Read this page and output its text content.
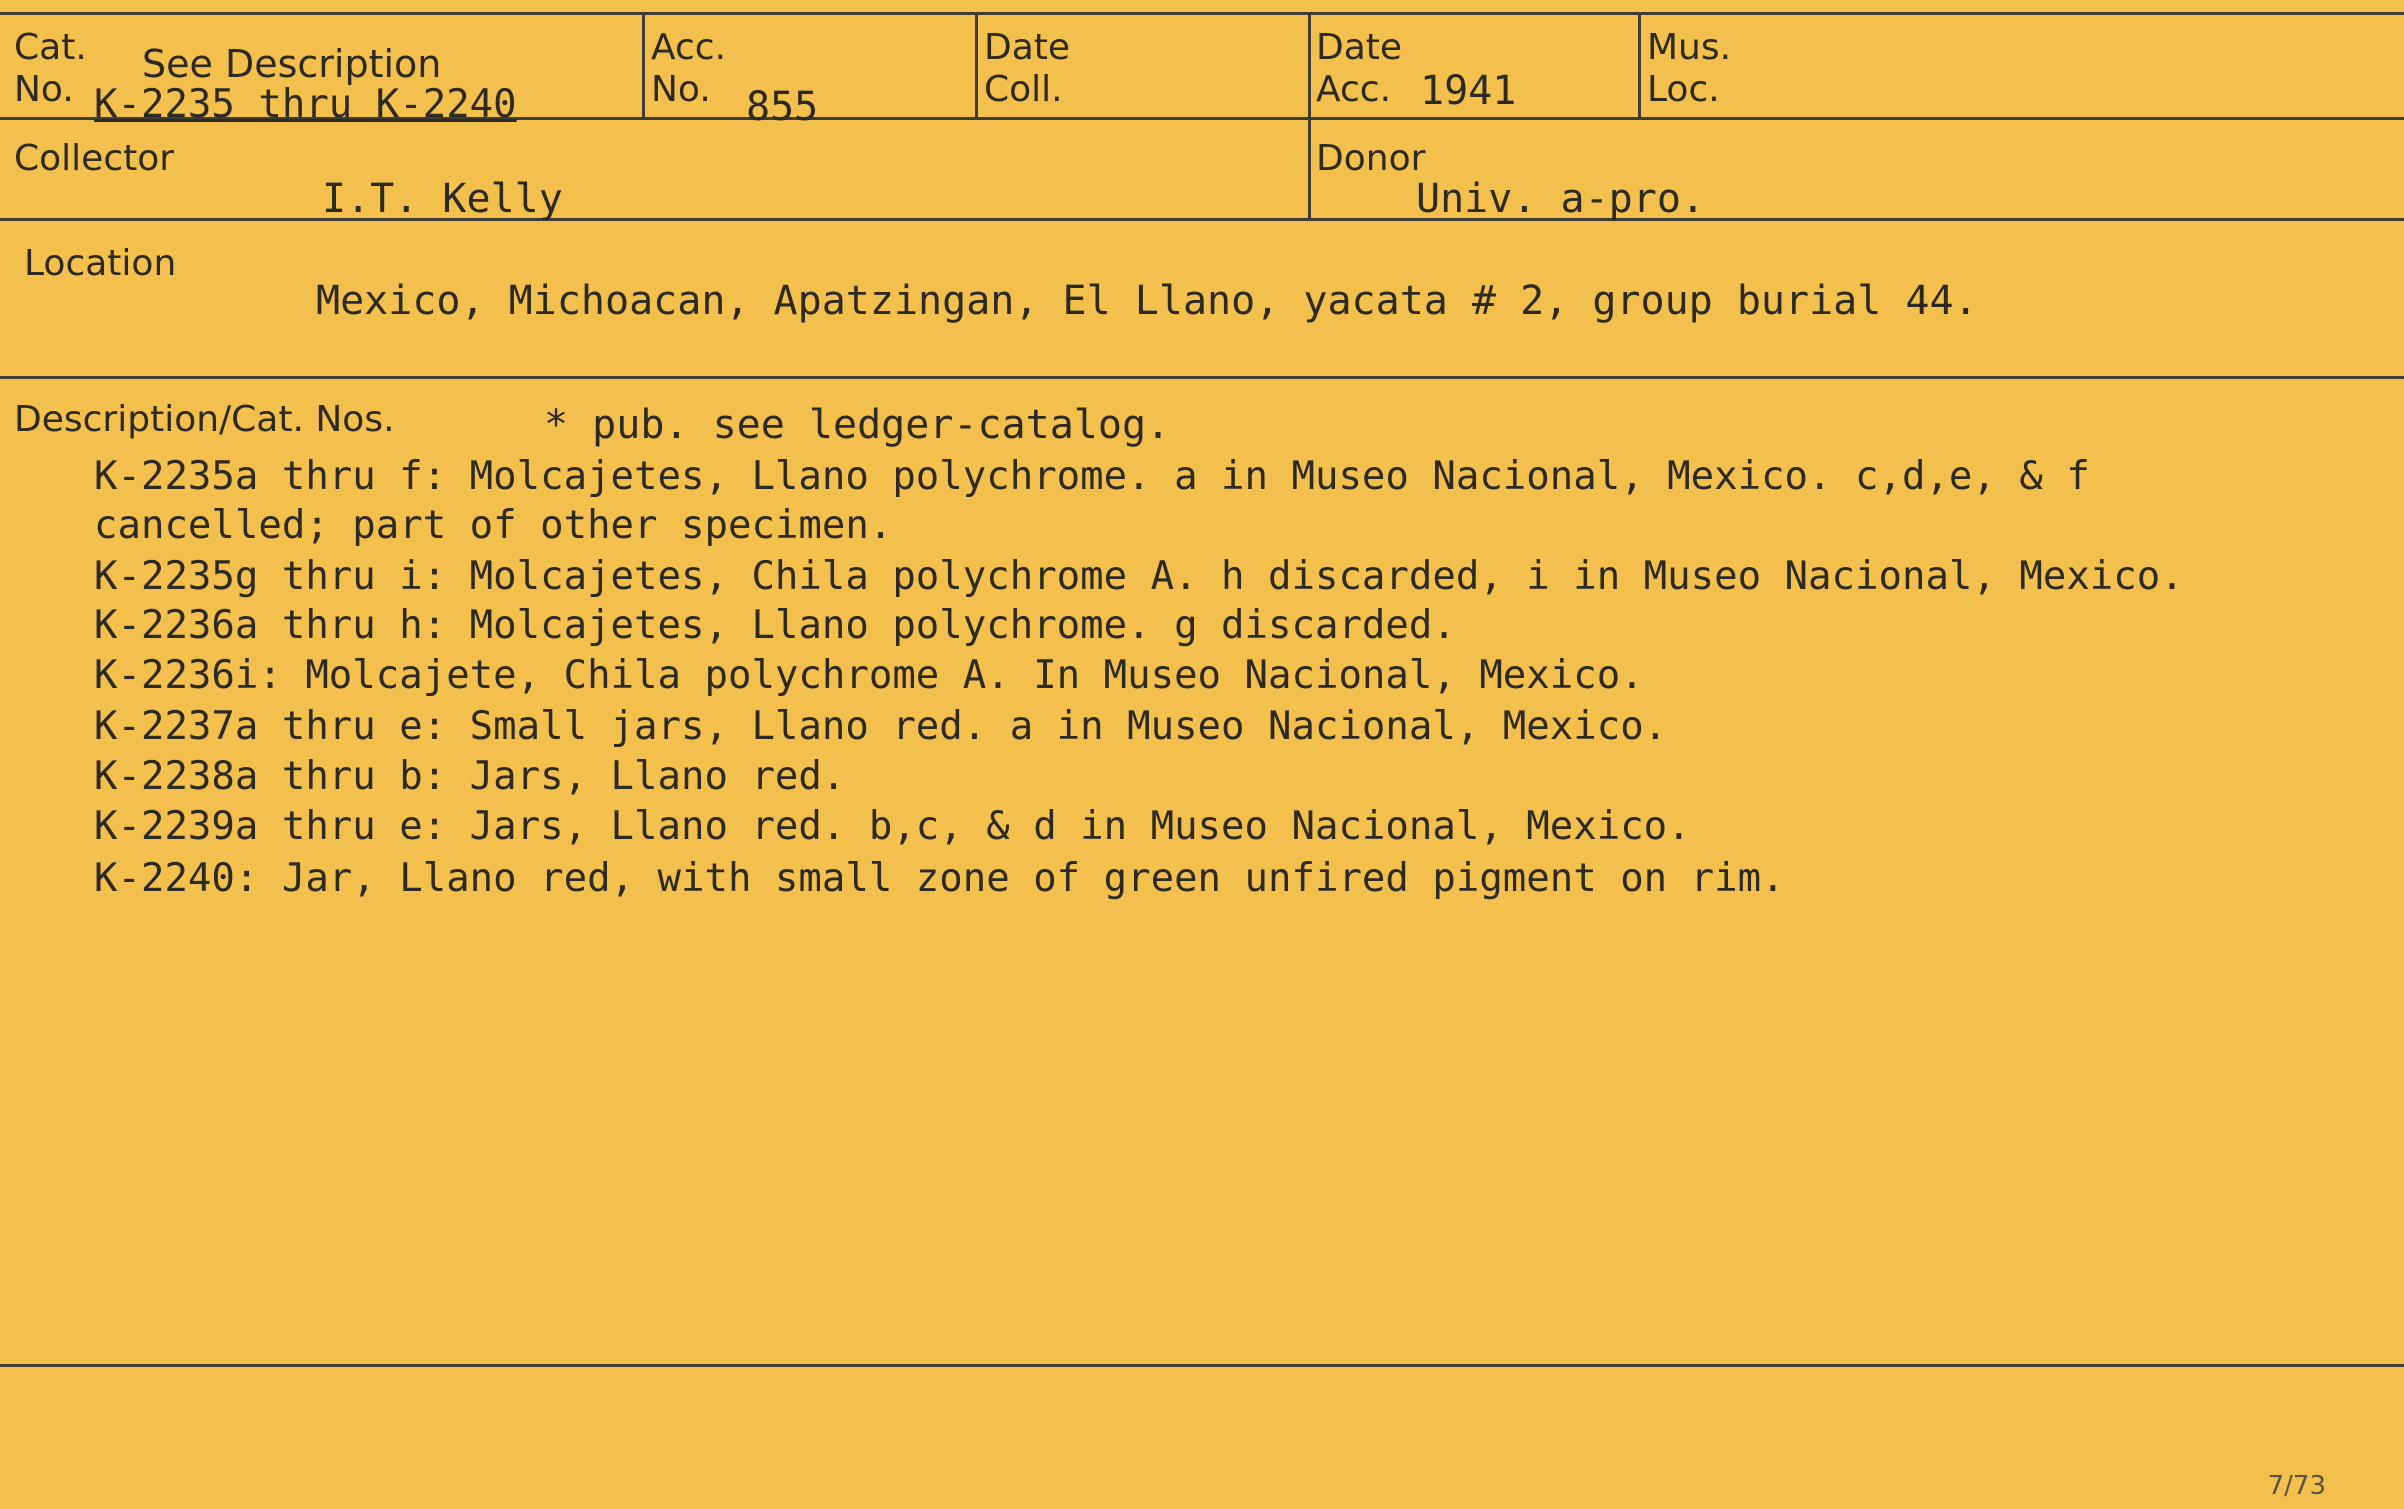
Cat.
No.
See Description
K-2235 thru K-2240
Acc.
No. 855
Date
Coll.
Date
Acc. 1941
Mus.
Loc.
Collector
I.T. Kelly
Donor
Univ. a-pro.
Location
Mexico, Michoacan, Apatzingan, El Llano, yacata # 2, group burial 44.
Description/Cat. Nos.	* pub. see ledger-catalog.
K-2235a thru f: Molcajetes, Llano polychrome. a in Museo Nacional, Mexico. c,d,e, & f
cancelled; part of other specimen.
K-2235g thru i: Molcajetes, Chila polychrome A. h discarded, i in Museo Nacional, Mexico.
K-2236a thru h: Molcajetes, Llano polychrome. g discarded.
K-2236i: Molcajete, Chila polychrome A. In Museo Nacional, Mexico.
K-2237a thru e: Small jars, Llano red. a in Museo Nacional, Mexico.
K-2238a thru b: Jars, Llano red.
K-2239a thru e: Jars, Llano red. b,c, & d in Museo Nacional, Mexico.
K-2240: Jar, Llano red, with small zone of green unfired pigment on rim.
7/73
